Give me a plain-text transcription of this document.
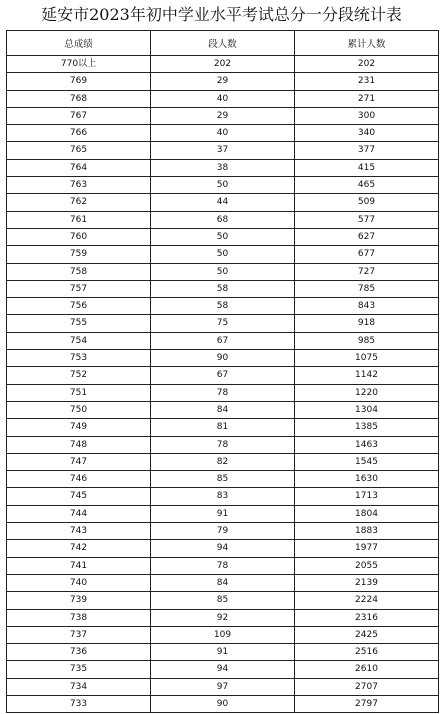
延安市2023年初中学业水平考试总分一分段统计表
总成绩	段人数	累计人数
770以上	202	202
769	29	231
768	40	271
767	29	300
766	40	340
765	37	377
764	38	415
763	50	465
762	44	509
761	68	577
760	50	627
759	50	677
758	50	727
757	58	785
756	58	843
755	75	918
754	67	985
753	90	1075
752	67	1142
751	78	1220
750	84	1304
749	81	1385
748	78	1463
747	82	1545
746	85	1630
745	83	1713
744	91	1804
743	79	1883
742	94	1977
741	78	2055
740	84	2139
739	85	2224
738	92	2316
737	109	2425
736	91	2516
735	94	2610
734	97	2707
733	90	2797
